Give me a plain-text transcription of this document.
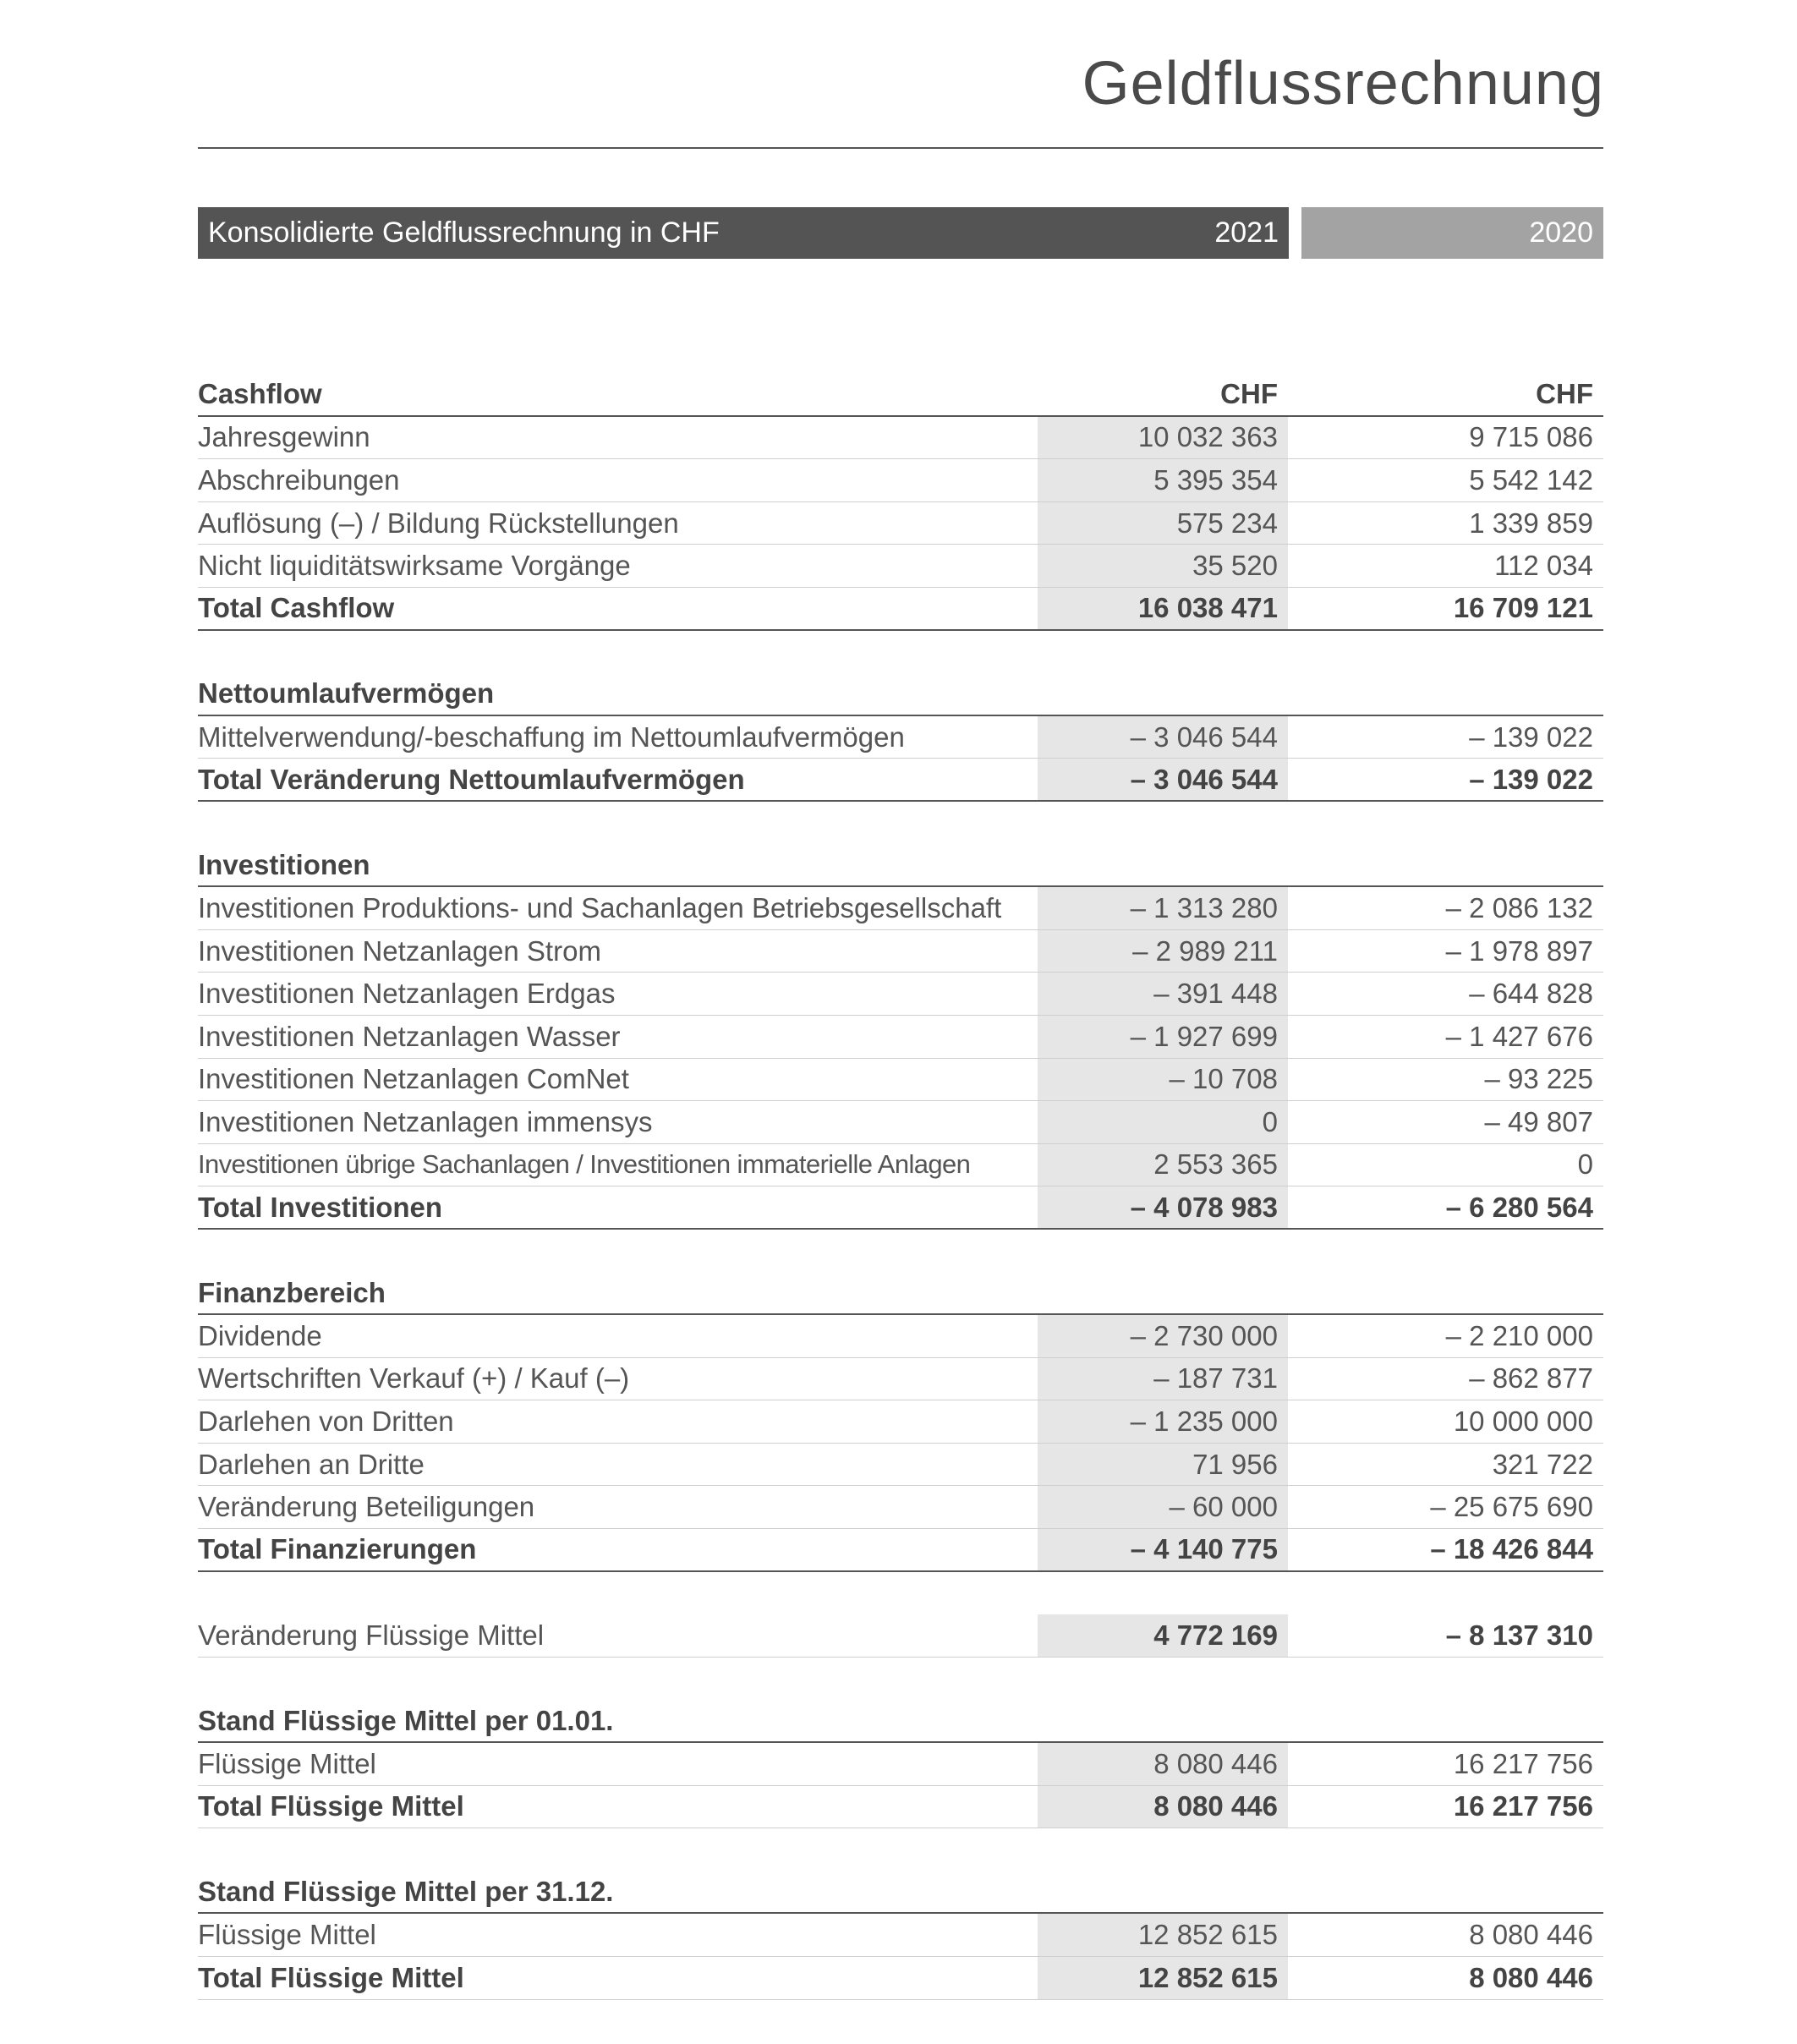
Geldflussrechnung
Konsolidierte Geldflussrechnung in CHF	2021	2020
Cashflow	CHF	CHF
Jahresgewinn	10 032 363	9 715 086
Abschreibungen	5 395 354	5 542 142
Auflösung (–) / Bildung Rückstellungen	575 234	1 339 859
Nicht liquiditätswirksame Vorgänge	35 520	112 034
Total Cashflow	16 038 471	16 709 121
Nettoumlaufvermögen
Mittelverwendung/-beschaffung im Nettoumlaufvermögen	– 3 046 544	– 139 022
Total Veränderung Nettoumlaufvermögen	– 3 046 544	– 139 022
Investitionen
Investitionen Produktions- und Sachanlagen Betriebsgesellschaft	– 1 313 280	– 2 086 132
Investitionen Netzanlagen Strom	– 2 989 211	– 1 978 897
Investitionen Netzanlagen Erdgas	– 391 448	– 644 828
Investitionen Netzanlagen Wasser	– 1 927 699	– 1 427 676
Investitionen Netzanlagen ComNet	– 10 708	– 93 225
Investitionen Netzanlagen immensys	0	– 49 807
Investitionen übrige Sachanlagen / Investitionen immaterielle Anlagen	2 553 365	0
Total Investitionen	– 4 078 983	– 6 280 564
Finanzbereich
Dividende	– 2 730 000	– 2 210 000
Wertschriften Verkauf (+) / Kauf (–)	– 187 731	– 862 877
Darlehen von Dritten	– 1 235 000	10 000 000
Darlehen an Dritte	71 956	321 722
Veränderung Beteiligungen	– 60 000	– 25 675 690
Total Finanzierungen	– 4 140 775	– 18 426 844
Veränderung Flüssige Mittel	4 772 169	– 8 137 310
Stand Flüssige Mittel per 01.01.
Flüssige Mittel	8 080 446	16 217 756
Total Flüssige Mittel	8 080 446	16 217 756
Stand Flüssige Mittel per 31.12.
Flüssige Mittel	12 852 615	8 080 446
Total Flüssige Mittel	12 852 615	8 080 446
